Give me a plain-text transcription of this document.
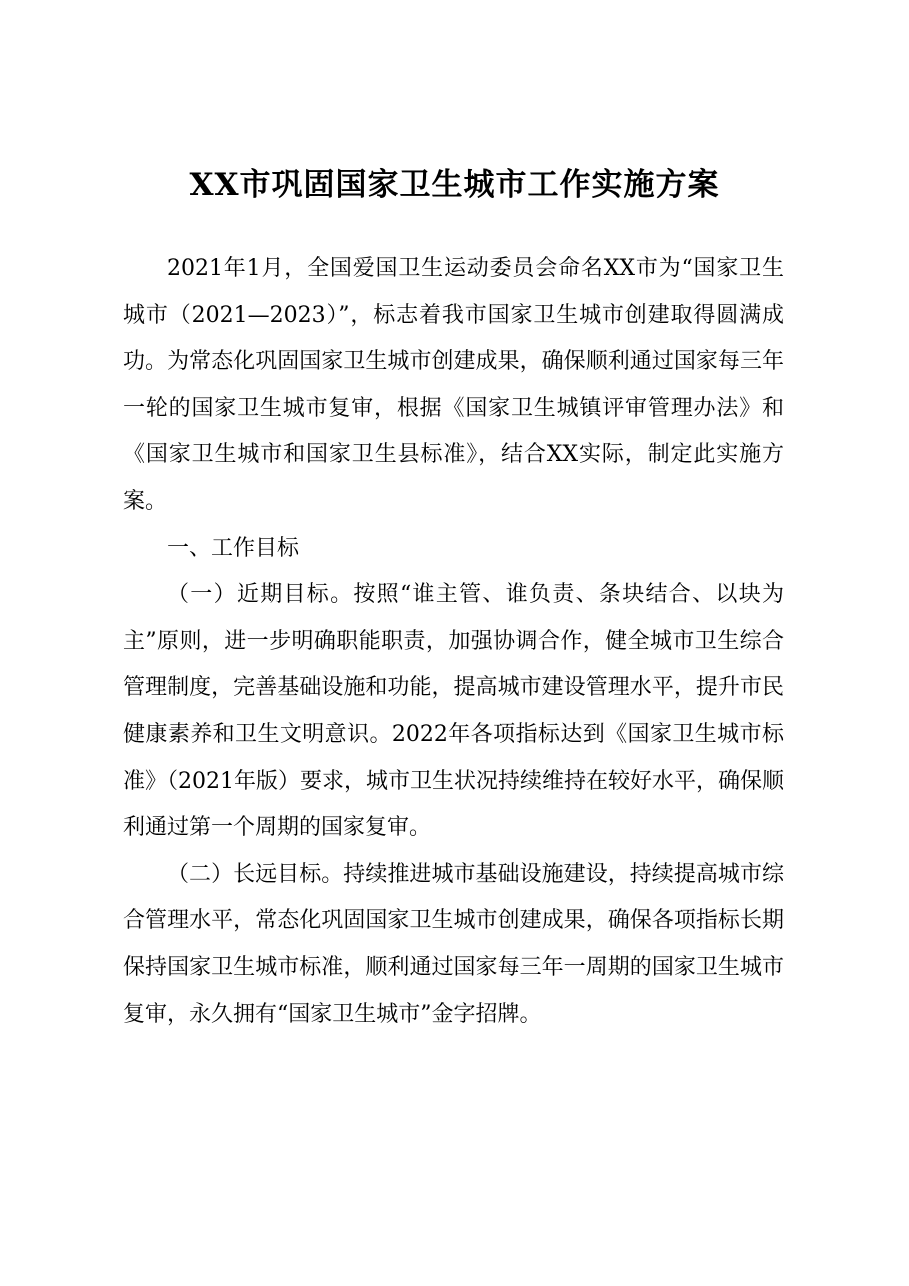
XX市巩固国家卫生城市工作实施方案

2021年1月，全国爱国卫生运动委员会命名XX市为“国家卫生城市（2021—2023）”，标志着我市国家卫生城市创建取得圆满成功。为常态化巩固国家卫生城市创建成果，确保顺利通过国家每三年一轮的国家卫生城市复审，根据《国家卫生城镇评审管理办法》和《国家卫生城市和国家卫生县标准》，结合XX实际，制定此实施方案。

一、工作目标

（一）近期目标。按照“谁主管、谁负责、条块结合、以块为主”原则，进一步明确职能职责，加强协调合作，健全城市卫生综合管理制度，完善基础设施和功能，提高城市建设管理水平，提升市民健康素养和卫生文明意识。2022年各项指标达到《国家卫生城市标准》（2021年版）要求，城市卫生状况持续维持在较好水平，确保顺利通过第一个周期的国家复审。

（二）长远目标。持续推进城市基础设施建设，持续提高城市综合管理水平，常态化巩固国家卫生城市创建成果，确保各项指标长期保持国家卫生城市标准，顺利通过国家每三年一周期的国家卫生城市复审，永久拥有“国家卫生城市”金字招牌。
